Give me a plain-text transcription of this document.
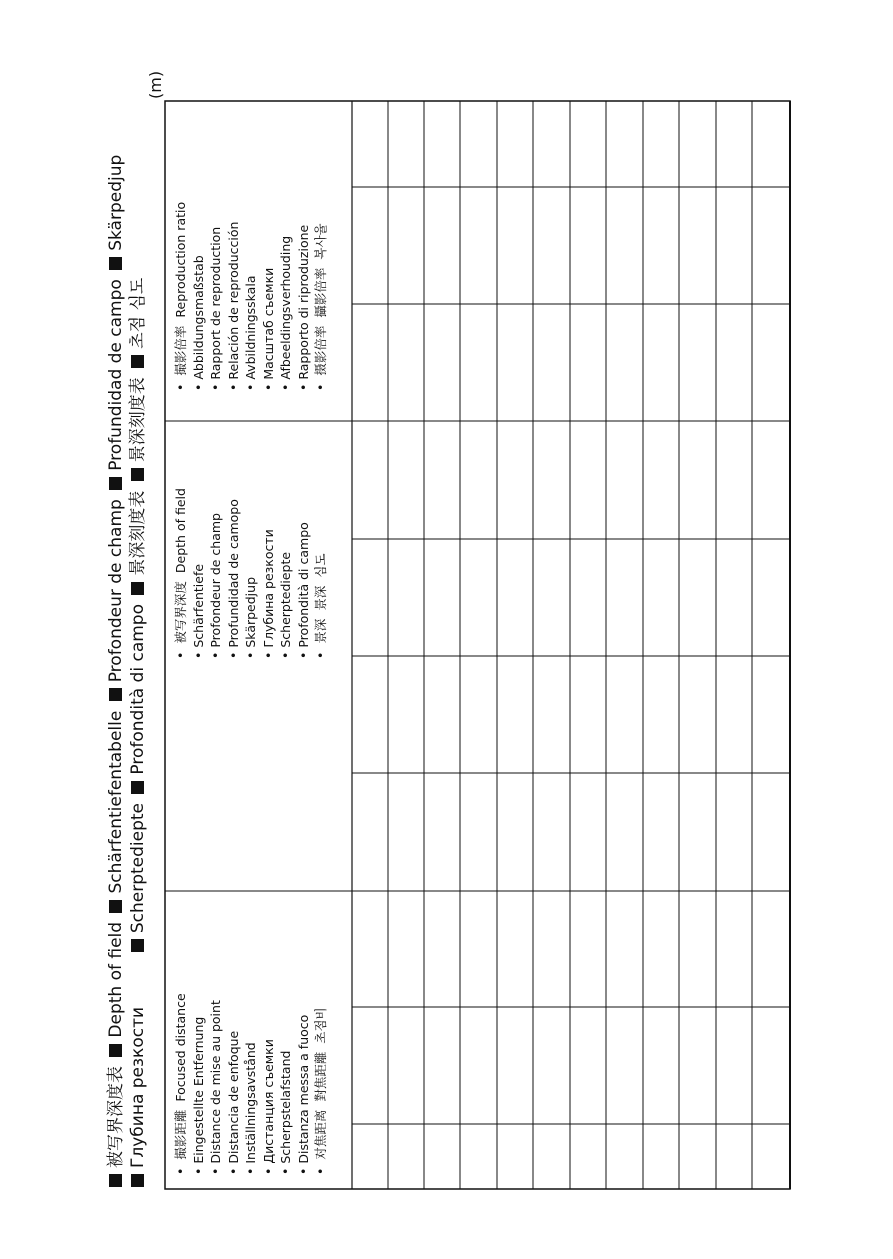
被写界深度表 Depth of field Schärfentiefentabelle Profondeur de champ Profundidad de campo Skärpedjup
Глубина резкости  Scherptediepte Profondità di campo 景深刻度表 景深刻度表 초점 심도
(m)
• 撮影距離
Focused distance • Eingestellte Entfernung • Distance de mise au point • Distancia de enfoque • Inställningsavstånd • Дистанция съемки • Scherpstelafstand • Distanza messa a fuoco • 对焦距离
對焦距離
초점비
• 被写界深度
Depth of field
• Schärfentiefe • Profondeur de champ • Profundidad de camopo • Skärpedjup • Глубина резкости • Scherptediepte • Profondità di campo • 景深
景深
심도
• 撮影倍率
Reproduction ratio • Abbildungsmaßstab • Rapport de reproduction • Relación de reproducción • Avbildningsskala • Масштаб съемки • Afbeeldingsverhouding • Rapporto di riproduzione • 摄影倍率
攝影倍率
복사율
